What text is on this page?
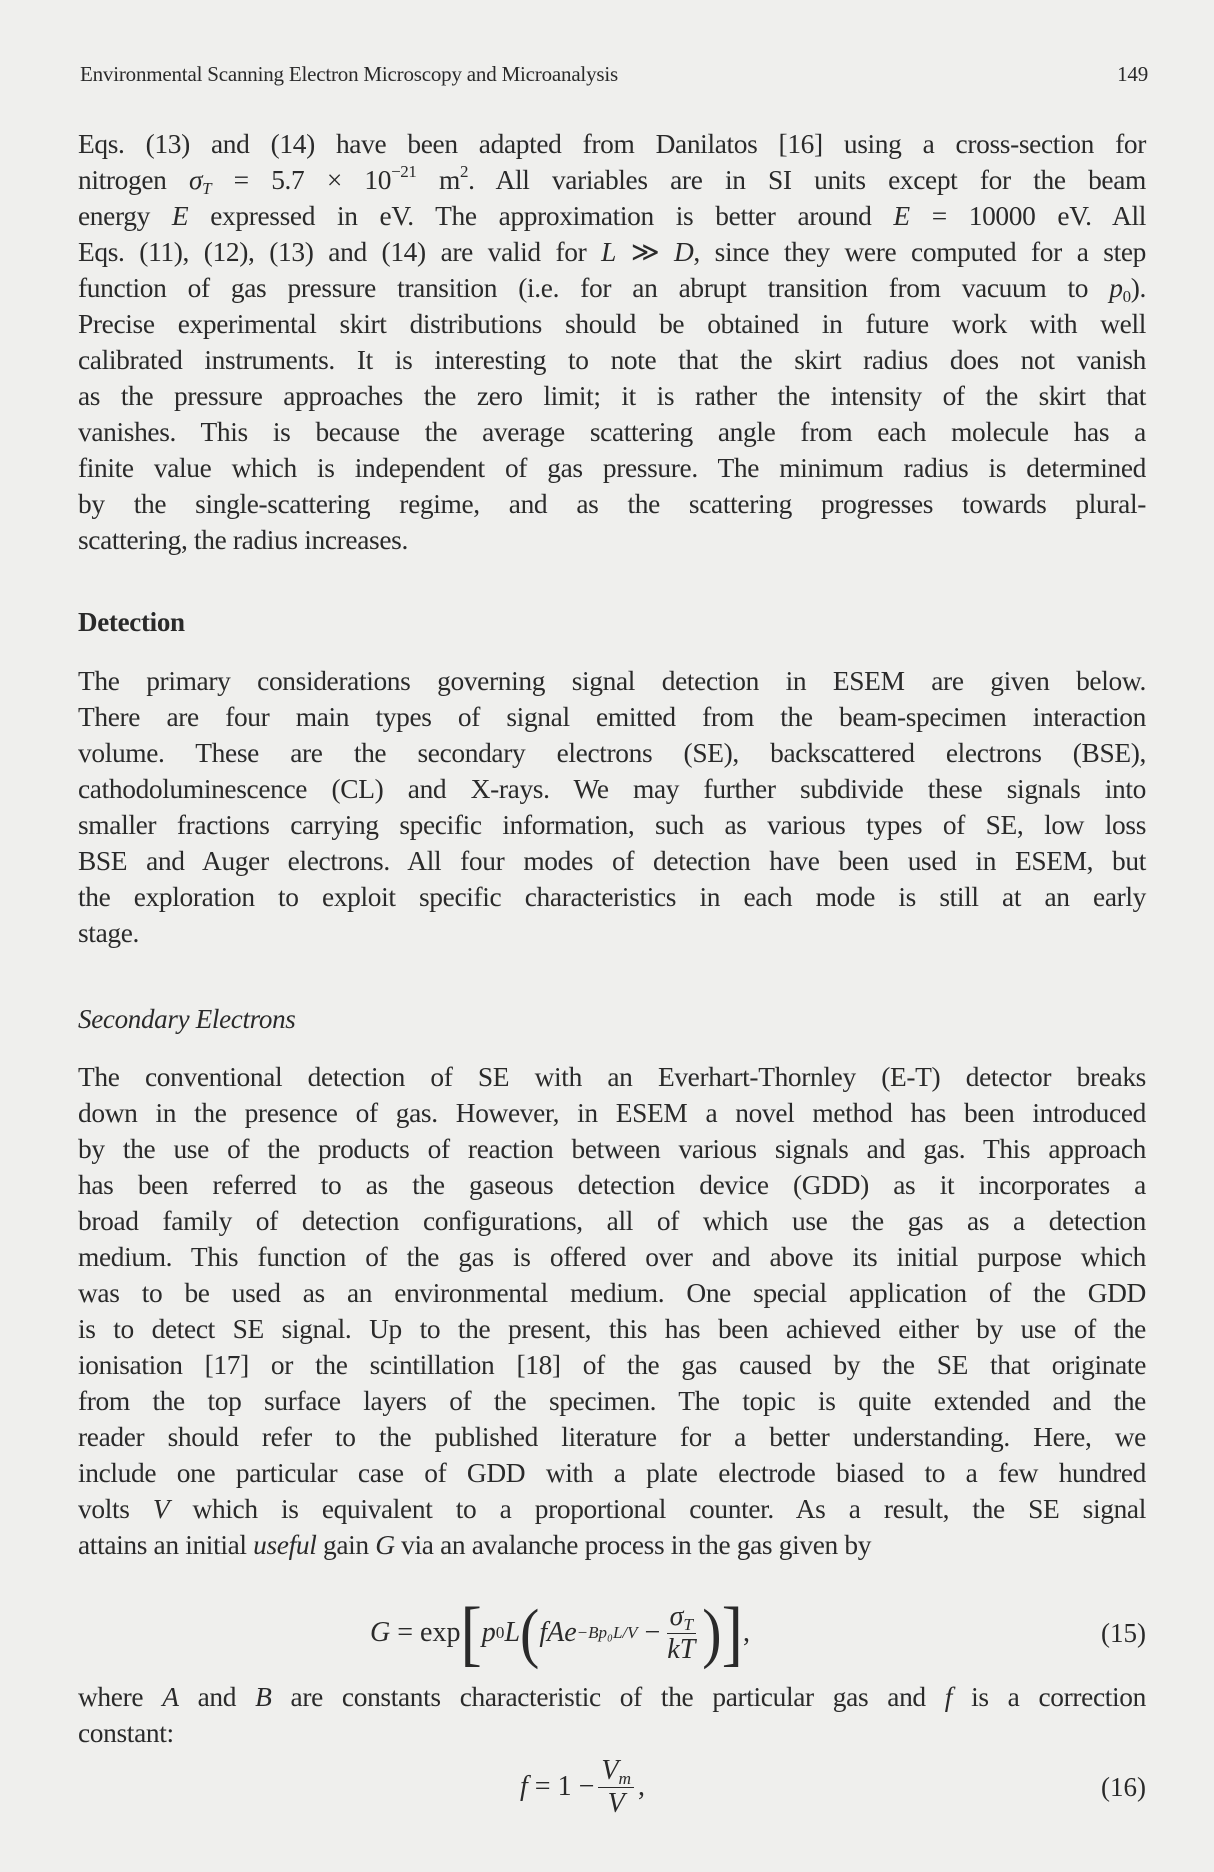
Environmental Scanning Electron Microscopy and Microanalysis	149
Eqs. (13) and (14) have been adapted from Danilatos [16] using a cross-section for
nitrogen $\sigma_T = 5.7 \times 10^{-21}$ $m^2$. All variables are in SI units except for the beam
energy E expressed in eV. The approximation is better around E = 10000 eV. All
Eqs. (11), (12), (13) and (14) are valid for L ≫ D, since they were computed for a step
function of gas pressure transition (i.e. for an abrupt transition from vacuum to $p_0$).
Precise experimental skirt distributions should be obtained in future work with well
calibrated instruments. It is interesting to note that the skirt radius does not vanish
as the pressure approaches the zero limit; it is rather the intensity of the skirt that
vanishes. This is because the average scattering angle from each molecule has a
finite value which is independent of gas pressure. The minimum radius is determined
by the single-scattering regime, and as the scattering progresses towards plural-
scattering, the radius increases.
Detection
The primary considerations governing signal detection in ESEM are given below.
There are four main types of signal emitted from the beam-specimen interaction
volume. These are the secondary electrons (SE), backscattered electrons (BSE),
cathodoluminescence (CL) and X-rays. We may further subdivide these signals into
smaller fractions carrying specific information, such as various types of SE, low loss
BSE and Auger electrons. All four modes of detection have been used in ESEM, but
the exploration to exploit specific characteristics in each mode is still at an early
stage.
Secondary Electrons
The conventional detection of SE with an Everhart-Thornley (E-T) detector breaks
down in the presence of gas. However, in ESEM a novel method has been introduced
by the use of the products of reaction between various signals and gas. This approach
has been referred to as the gaseous detection device (GDD) as it incorporates a
broad family of detection configurations, all of which use the gas as a detection
medium. This function of the gas is offered over and above its initial purpose which
was to be used as an environmental medium. One special application of the GDD
is to detect SE signal. Up to the present, this has been achieved either by use of the
ionisation [17] or the scintillation [18] of the gas caused by the SE that originate
from the top surface layers of the specimen. The topic is quite extended and the
reader should refer to the published literature for a better understanding. Here, we
include one particular case of GDD with a plate electrode biased to a few hundred
volts V which is equivalent to a proportional counter. As a result, the SE signal
attains an initial useful gain G via an avalanche process in the gas given by
G = exp [ p 0 L ( fAe $-Bp_0L/V - \frac{\sigma_T}{kT}$ ) ] ,	(15)
where A and B are constants characteristic of the particular gas and f is a correction
constant:
$f = 1 - \frac{V_m}{V}$ ,	(16)
